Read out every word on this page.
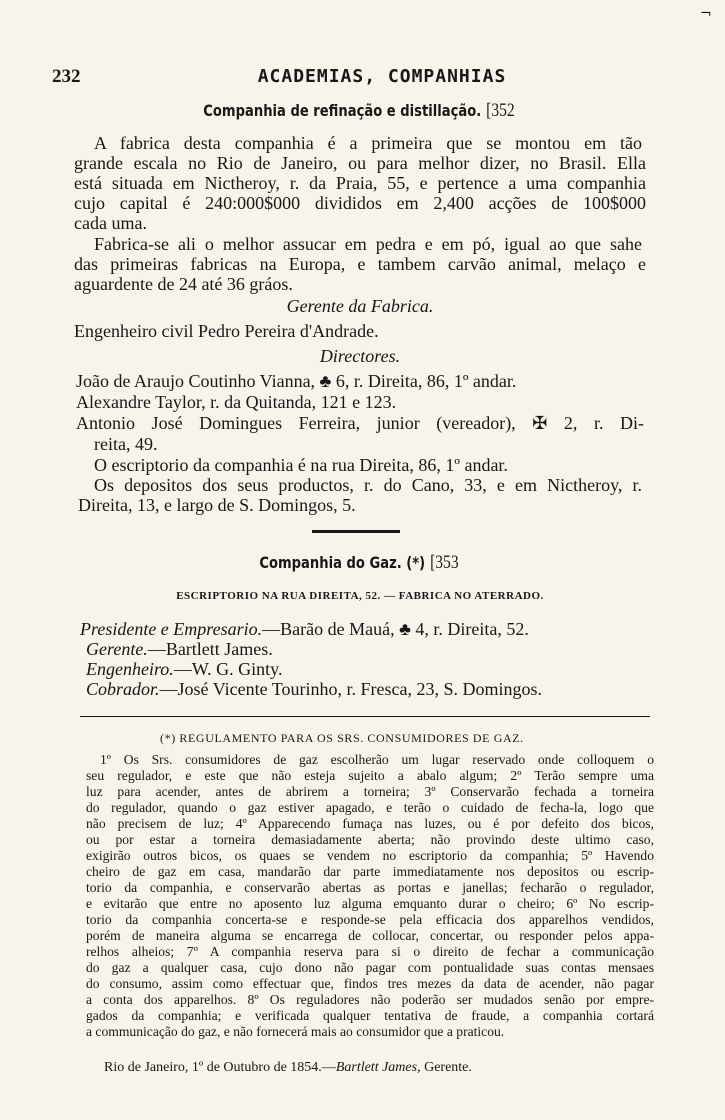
¬
232	ACADEMIAS, COMPANHIAS
Companhia de refinação e distillação. [352
A fabrica desta companhia é a primeira que se montou em tão
grande escala no Rio de Janeiro, ou para melhor dizer, no Brasil. Ella
está situada em Nictheroy, r. da Praia, 55, e pertence a uma companhia
cujo capital é 240:000$000 divididos em 2,400 acções de 100$000
cada uma.
Fabrica-se ali o melhor assucar em pedra e em pó, igual ao que sahe
das primeiras fabricas na Europa, e tambem carvão animal, melaço e
aguardente de 24 até 36 gráos.
Gerente da Fabrica.
Engenheiro civil Pedro Pereira d'Andrade.
Directores.
João de Araujo Coutinho Vianna, ♣ 6, r. Direita, 86, 1º andar.
Alexandre Taylor, r. da Quitanda, 121 e 123.
Antonio José Domingues Ferreira, junior (vereador), ✠ 2, r. Di-
reita, 49.
O escriptorio da companhia é na rua Direita, 86, 1º andar.
Os depositos dos seus productos, r. do Cano, 33, e em Nictheroy, r.
Direita, 13, e largo de S. Domingos, 5.
Companhia do Gaz. (*) [353
ESCRIPTORIO NA RUA DIREITA, 52. — FABRICA NO ATERRADO.
Presidente e Empresario.—Barão de Mauá, ♣ 4, r. Direita, 52.
Gerente.—Bartlett James.
Engenheiro.—W. G. Ginty.
Cobrador.—José Vicente Tourinho, r. Fresca, 23, S. Domingos.
(*) REGULAMENTO PARA OS SRS. CONSUMIDORES DE GAZ.
1º Os Srs. consumidores de gaz escolherão um lugar reservado onde colloquem o
seu regulador, e este que não esteja sujeito a abalo algum; 2º Terão sempre uma
luz para acender, antes de abrirem a torneira; 3º Conservarão fechada a torneira
do regulador, quando o gaz estiver apagado, e terão o cuidado de fecha-la, logo que
não precisem de luz; 4º Apparecendo fumaça nas luzes, ou é por defeito dos bicos,
ou por estar a torneira demasiadamente aberta; não provindo deste ultimo caso,
exigirão outros bicos, os quaes se vendem no escriptorio da companhia; 5º Havendo
cheiro de gaz em casa, mandarão dar parte immediatamente nos depositos ou escrip-
torio da companhia, e conservarão abertas as portas e janellas; fecharão o regulador,
e evitarão que entre no aposento luz alguma emquanto durar o cheiro; 6º No escrip-
torio da companhia concerta-se e responde-se pela efficacia dos apparelhos vendidos,
porém de maneira alguma se encarrega de collocar, concertar, ou responder pelos appa-
relhos alheios; 7º A companhia reserva para si o direito de fechar a communicação
do gaz a qualquer casa, cujo dono não pagar com pontualidade suas contas mensaes
do consumo, assim como effectuar que, findos tres mezes da data de acender, não pagar
a conta dos apparelhos. 8º Os reguladores não poderão ser mudados senão por empre-
gados da companhia; e verificada qualquer tentativa de fraude, a companhia cortará
a communicação do gaz, e não fornecerá mais ao consumidor que a praticou.
Rio de Janeiro, 1º de Outubro de 1854.—Bartlett James, Gerente.
